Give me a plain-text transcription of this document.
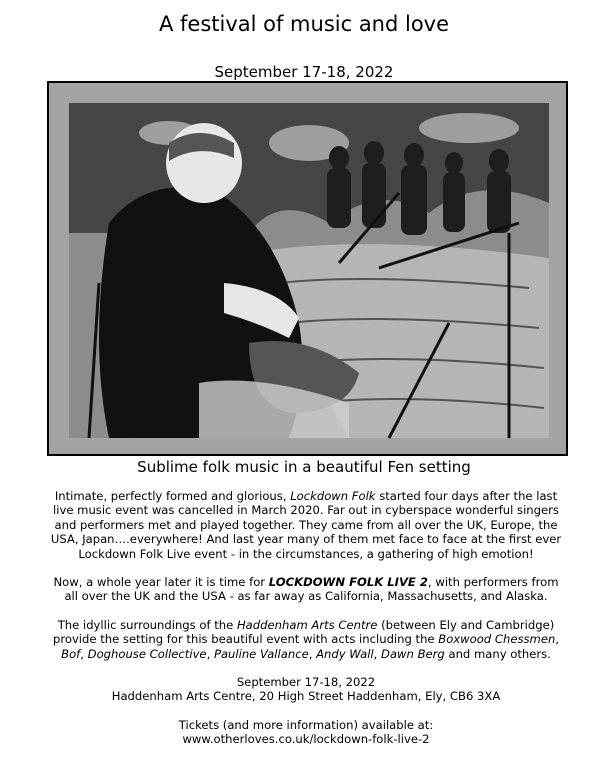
A festival of music and love
September 17-18, 2022
Sublime folk music in a beautiful Fen setting

Intimate, perfectly formed and glorious, Lockdown Folk started four days after the last live music event was cancelled in March 2020. Far out in cyberspace wonderful singers and performers met and played together. They came from all over the UK, Europe, the USA, Japan….everywhere! And last year many of them met face to face at the first ever Lockdown Folk Live event - in the circumstances, a gathering of high emotion!

Now, a whole year later it is time for LOCKDOWN FOLK LIVE 2, with performers from all over the UK and the USA - as far away as California, Massachusetts, and Alaska.

The idyllic surroundings of the Haddenham Arts Centre (between Ely and Cambridge) provide the setting for this beautiful event with acts including the Boxwood Chessmen, Bof, Doghouse Collective, Pauline Vallance, Andy Wall, Dawn Berg and many others.

September 17-18, 2022
Haddenham Arts Centre, 20 High Street Haddenham, Ely, CB6 3XA

Tickets (and more information) available at:
www.otherloves.co.uk/lockdown-folk-live-2
